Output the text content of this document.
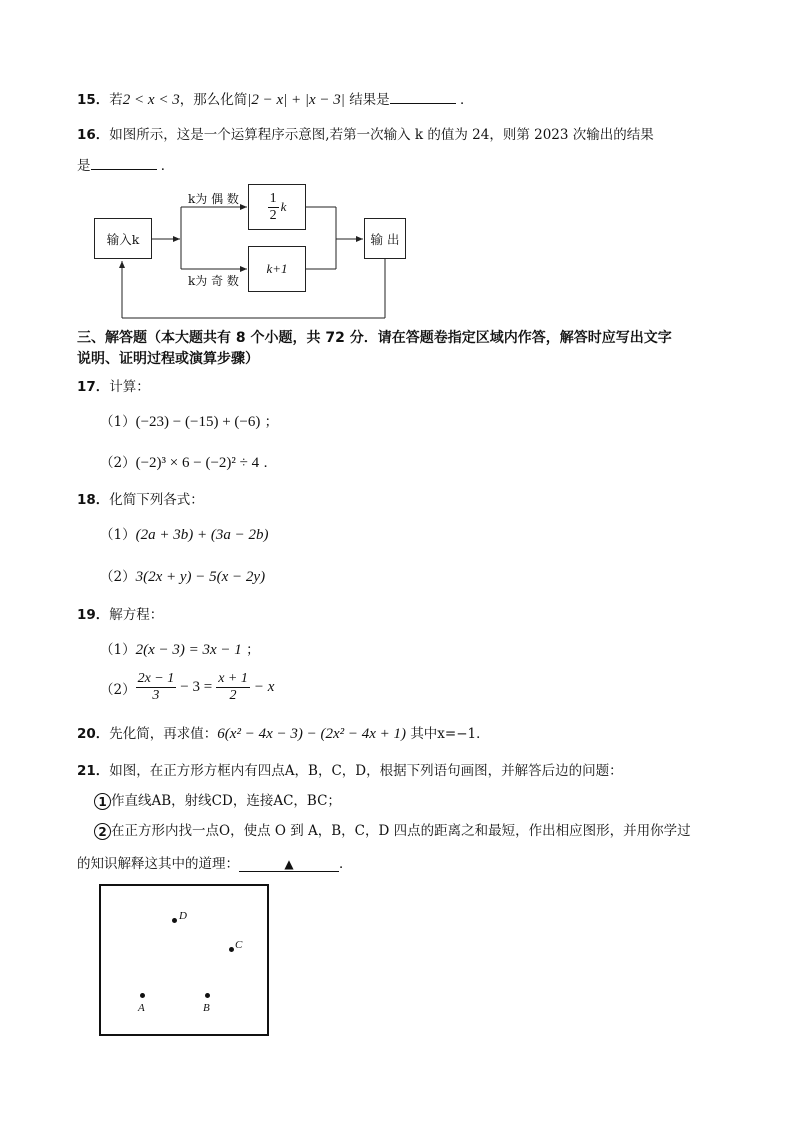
15．若2 < x < 3，那么化简|2 − x| + |x − 3| 结果是	．
16．如图所示，这是一个运算程序示意图,若第一次输入 k 的值为 24，则第 2023 次输出的结果
是	．
输入k
$\frac{1}{2}$ k
k+1
输 出
k为 偶 数
k为 奇 数
三、解答题（本大题共有 8 个小题，共 72 分．请在答题卷指定区域内作答，解答时应写出文字
说明、证明过程或演算步骤）
17．计算：
（1）(−23) − (−15) + (−6) ；
（2）(−2)³ × 6 − (−2)² ÷ 4 ．
18．化简下列各式：
（1）(2a + 3b) + (3a − 2b)
（2）3(2x + y) − 5(x − 2y)
19．解方程：
（1）2(x − 3) = 3x − 1 ；
$(2) \frac{2x - 1}{3} - 3 = \frac{x + 1}{2} - x$
20．先化简，再求值：6(x² − 4x − 3) − (2x² − 4x + 1) 其中x=−1．
21．如图，在正方形方框内有四点A，B，C，D，根据下列语句画图，并解答后边的问题：
1 作直线AB，射线CD，连接AC，BC；
2 在正方形内找一点O，使点 O 到 A，B，C，D 四点的距离之和最短，作出相应图形，并用你学过
的知识解释这其中的道理：	▲	．
D
C
A	B
